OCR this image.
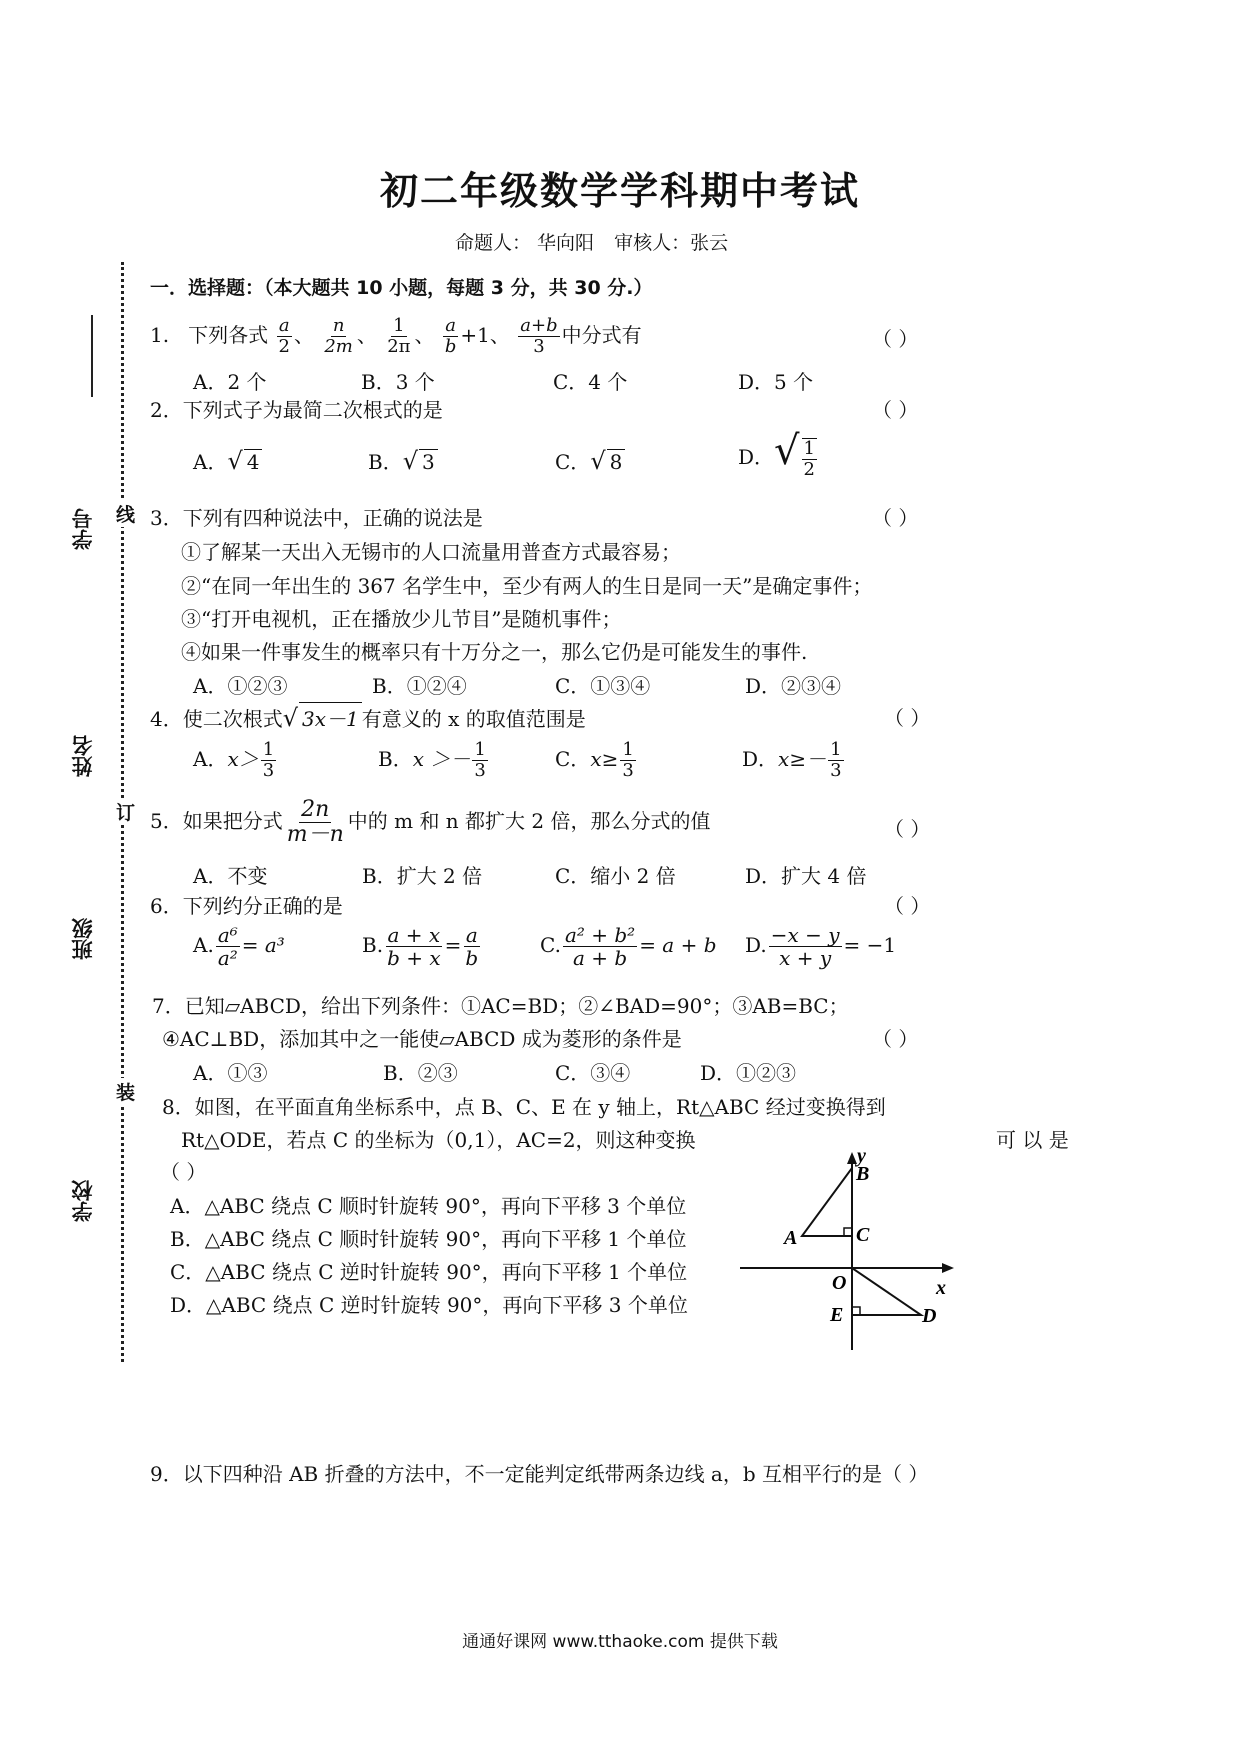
初二年级数学学科期中考试
命题人： 华向阳 审核人：张云
学号
姓名
班级
学校
线
订
装
一．选择题：（本大题共 10 小题，每题 3 分，共 30 分.）
1. 下列各式 $\frac{a}{2}$ 、 $\frac{n}{2m}$ 、 $\frac{1}{2\pi}$ 、 $\frac{a}{b} +1$、 $\frac{a+b}{3}$ 中分式有	（ ）
A．2 个	B．3 个	C．4 个	D．5 个
2．下列式子为最简二次根式的是	（ ）
A．√ 4	B．√ 3	C．√ 8	D．√ $\frac{1}{2}$
3．下列有四种说法中，正确的说法是	（ ）
①了解某一天出入无锡市的人口流量用普查方式最容易；
②“在同一年出生的 367 名学生中，至少有两人的生日是同一天”是确定事件；
③“打开电视机，正在播放少儿节目”是随机事件；
④如果一件事发生的概率只有十万分之一，那么它仍是可能发生的事件.
A．①②③	B．①②④	C．①③④	D．②③④
4．使二次根式√ 3x－1 有意义的 x 的取值范围是	（ ）
A．$x> \frac{1}{3}$	B．$x >- \frac{1}{3}$	C．$x\ge \frac{1}{3}$	D．$x\ge- \frac{1}{3}$
5．如果把分式 $\frac{2n}{m-n}$ 中的 m 和 n 都扩大 2 倍，那么分式的值	（ ）
A．不变	B．扩大 2 倍	C．缩小 2 倍	D．扩大 4 倍
6．下列约分正确的是	（ ）
A. $\frac{\text{a⁶}}{\text{a²}} = a^3$	B. $\frac{a + x}{b + x} = \frac{a}{b}$	C. $\frac{\text{a² + b²}}{a + b} = a + b$ D. $\frac{-x - y}{x + y} = -1$
7．已知▱ABCD，给出下列条件：①AC=BD；②∠BAD=90°；③AB=BC；
④AC⊥BD，添加其中之一能使▱ABCD 成为菱形的条件是	（ ）
A．①③	B．②③	C．③④	D．①②③
8．如图，在平面直角坐标系中，点 B、C、E 在 y 轴上，Rt△ABC 经过变换得到
Rt△ODE，若点 C 的坐标为（0,1），AC=2，则这种变换	可 以 是
（ ）
A．△ABC 绕点 C 顺时针旋转 90°，再向下平移 3 个单位
B．△ABC 绕点 C 顺时针旋转 90°，再向下平移 1 个单位
C．△ABC 绕点 C 逆时针旋转 90°，再向下平移 1 个单位
D．△ABC 绕点 C 逆时针旋转 90°，再向下平移 3 个单位
y
x
B
C
A
O
E	D
9．以下四种沿 AB 折叠的方法中，不一定能判定纸带两条边线 a，b 互相平行的是（ ）
通通好课网 www.tthaoke.com 提供下载
